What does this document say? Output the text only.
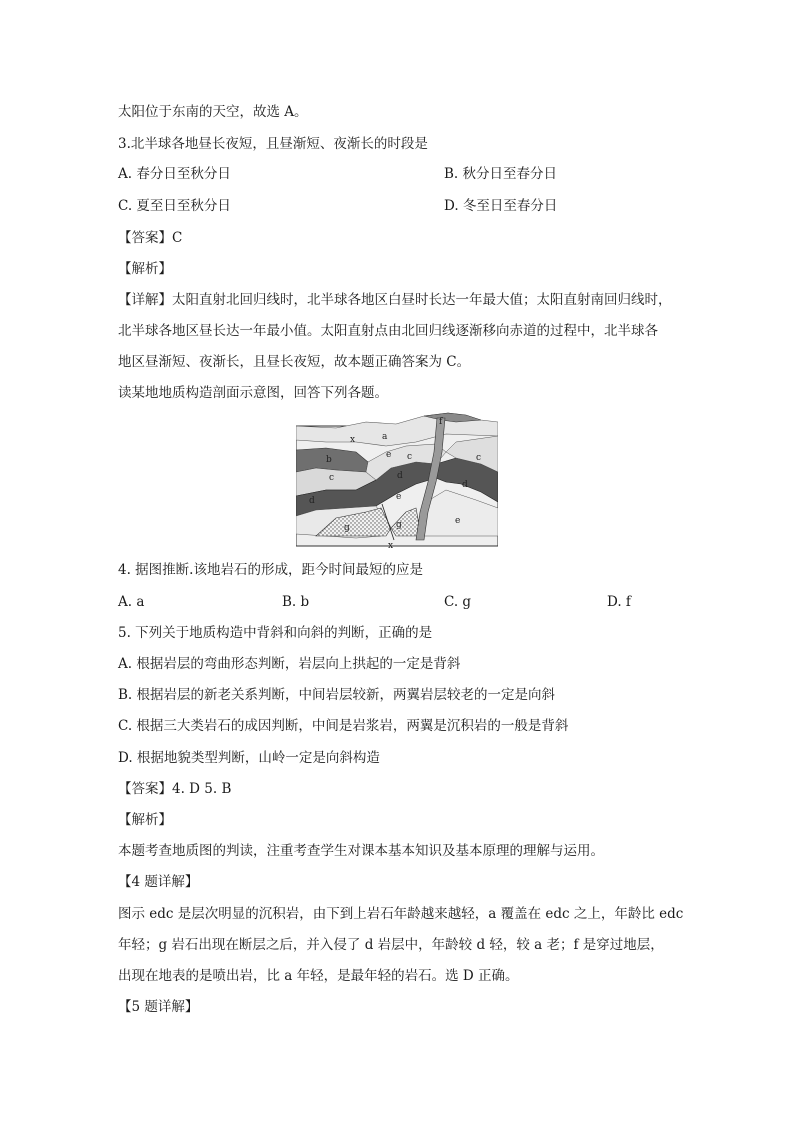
太阳位于东南的天空，故选 A。
3.北半球各地昼长夜短，且昼渐短、夜渐长的时段是
A. 春分日至秋分日	B. 秋分日至春分日
C. 夏至日至秋分日	D. 冬至日至春分日
【答案】C
【解析】
【详解】太阳直射北回归线时，北半球各地区白昼时长达一年最大值；太阳直射南回归线时，
北半球各地区昼长达一年最小值。太阳直射点由北回归线逐渐移向赤道的过程中，北半球各
地区昼渐短、夜渐长，且昼长夜短，故本题正确答案为 C。
读某地地质构造剖面示意图，回答下列各题。
x	a
f
b
c
e
d
c	c
d
d	e
g	g	e
x
4. 据图推断.该地岩石的形成，距今时间最短的应是
A. a	B. b	C. g	D. f
5. 下列关于地质构造中背斜和向斜的判断，正确的是
A. 根据岩层的弯曲形态判断，岩层向上拱起的一定是背斜
B. 根据岩层的新老关系判断，中间岩层较新，两翼岩层较老的一定是向斜
C. 根据三大类岩石的成因判断，中间是岩浆岩，两翼是沉积岩的一般是背斜
D. 根据地貌类型判断，山岭一定是向斜构造
【答案】4. D 5. B
【解析】
本题考查地质图的判读，注重考查学生对课本基本知识及基本原理的理解与运用。
【4 题详解】
图示 edc 是层次明显的沉积岩，由下到上岩石年龄越来越轻，a 覆盖在 edc 之上，年龄比 edc
年轻；g 岩石出现在断层之后，并入侵了 d 岩层中，年龄较 d 轻，较 a 老；f 是穿过地层，
出现在地表的是喷出岩，比 a 年轻，是最年轻的岩石。选 D 正确。
【5 题详解】
